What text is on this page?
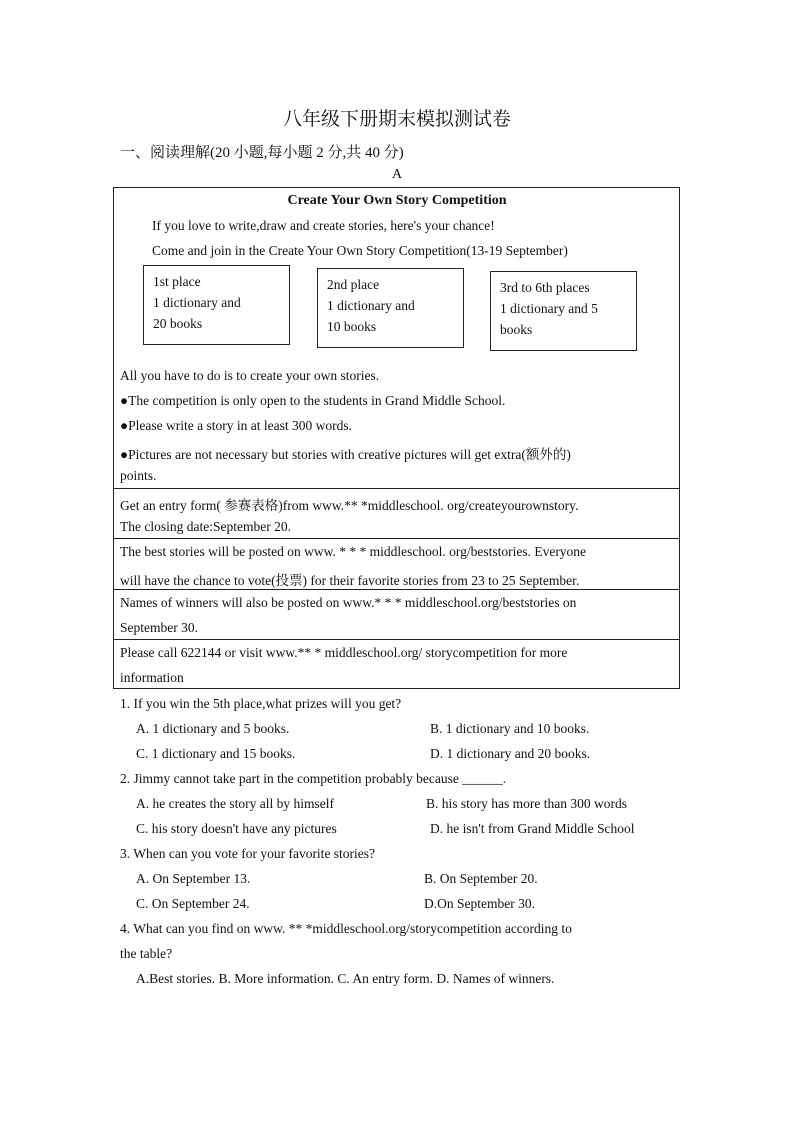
八年级下册期末模拟测试卷
一、阅读理解(20 小题,每小题 2 分,共 40 分)
A
Create Your Own Story Competition
If you love to write,draw and create stories, here's your chance!
Come and join in the Create Your Own Story Competition(13-19 September)
1st place
1 dictionary and
20 books
2nd place
1 dictionary and
10 books
3rd to 6th places
1 dictionary and 5
books
All you have to do is to create your own stories.
●The competition is only open to the students in Grand Middle School.
●Please write a story in at least 300 words.
●Pictures are not necessary but stories with creative pictures will get extra(额外的)
points.
Get an entry form( 参赛表格)from www.** *middleschool. org/createyourownstory.
The closing date:September 20.
The best stories will be posted on www. * * * middleschool. org/beststories. Everyone
will have the chance to vote(投票) for their favorite stories from 23 to 25 September.
Names of winners will also be posted on www.* * * middleschool.org/beststories on
September 30.
Please call 622144 or visit www.** * middleschool.org/ storycompetition for more
information
1. If you win the 5th place,what prizes will you get?
A. 1 dictionary and 5 books.	B. 1 dictionary and 10 books.
C. 1 dictionary and 15 books.	D. 1 dictionary and 20 books.
2. Jimmy cannot take part in the competition probably because ______.
A. he creates the story all by himself	B. his story has more than 300 words
C. his story doesn't have any pictures	D. he isn't from Grand Middle School
3. When can you vote for your favorite stories?
A. On September 13.	B. On September 20.
C. On September 24.	D.On September 30.
4. What can you find on www. ** *middleschool.org/storycompetition according to
the table?
A.Best stories. B. More information. C. An entry form. D. Names of winners.
